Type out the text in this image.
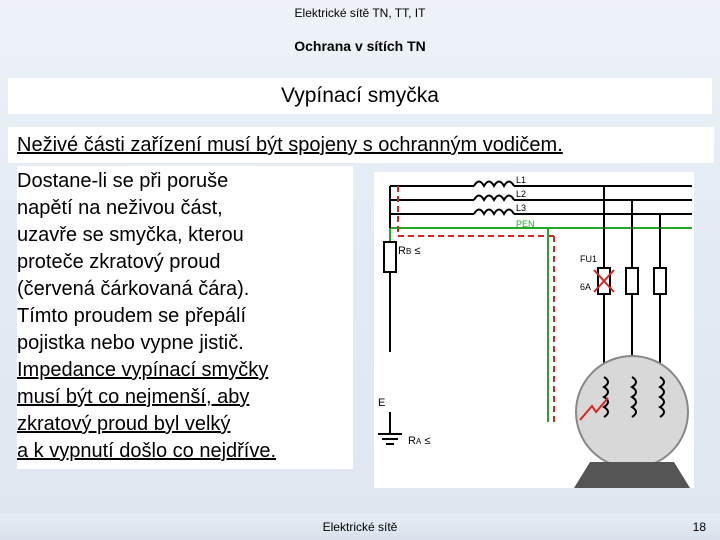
Elektrické sítě TN, TT, IT
Ochrana v sítích TN
Vypínací smyčka
Neživé části zařízení musí být spojeny s ochranným vodičem.
Dostane-li se při poruše
napětí na neživou část,
uzavře se smyčka, kterou
proteče zkratový proud
(červená čárkovaná čára).
Tímto proudem se přepálí
pojistka nebo vypne jistič.
Impedance vypínací smyčky
musí být co nejmenší, aby
zkratový proud byl velký
a k vypnutí došlo co nejdříve.
L1
L2
L3
PEN
FU1
6A
RB ≤
E
RA ≤
Elektrické sítě	18
